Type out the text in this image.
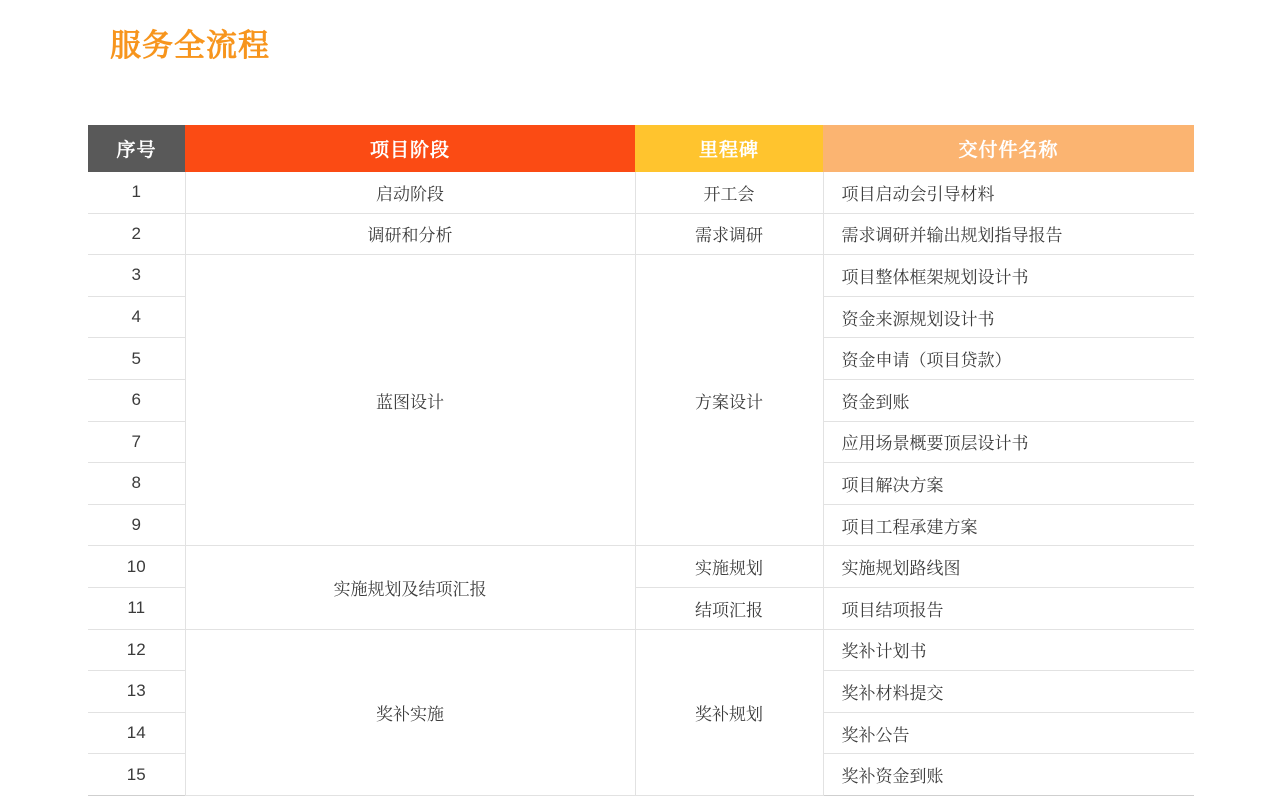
服务全流程
序号	项目阶段	里程碑	交付件名称
1	启动阶段	开工会	项目启动会引导材料
2	调研和分析	需求调研	需求调研并输出规划指导报告
3	蓝图设计	方案设计	项目整体框架规划设计书
4			资金来源规划设计书
5			资金申请（项目贷款）
6			资金到账
7			应用场景概要顶层设计书
8			项目解决方案
9			项目工程承建方案
10	实施规划及结项汇报	实施规划	实施规划路线图
11		结项汇报	项目结项报告
12	奖补实施	奖补规划	奖补计划书
13			奖补材料提交
14			奖补公告
15			奖补资金到账
